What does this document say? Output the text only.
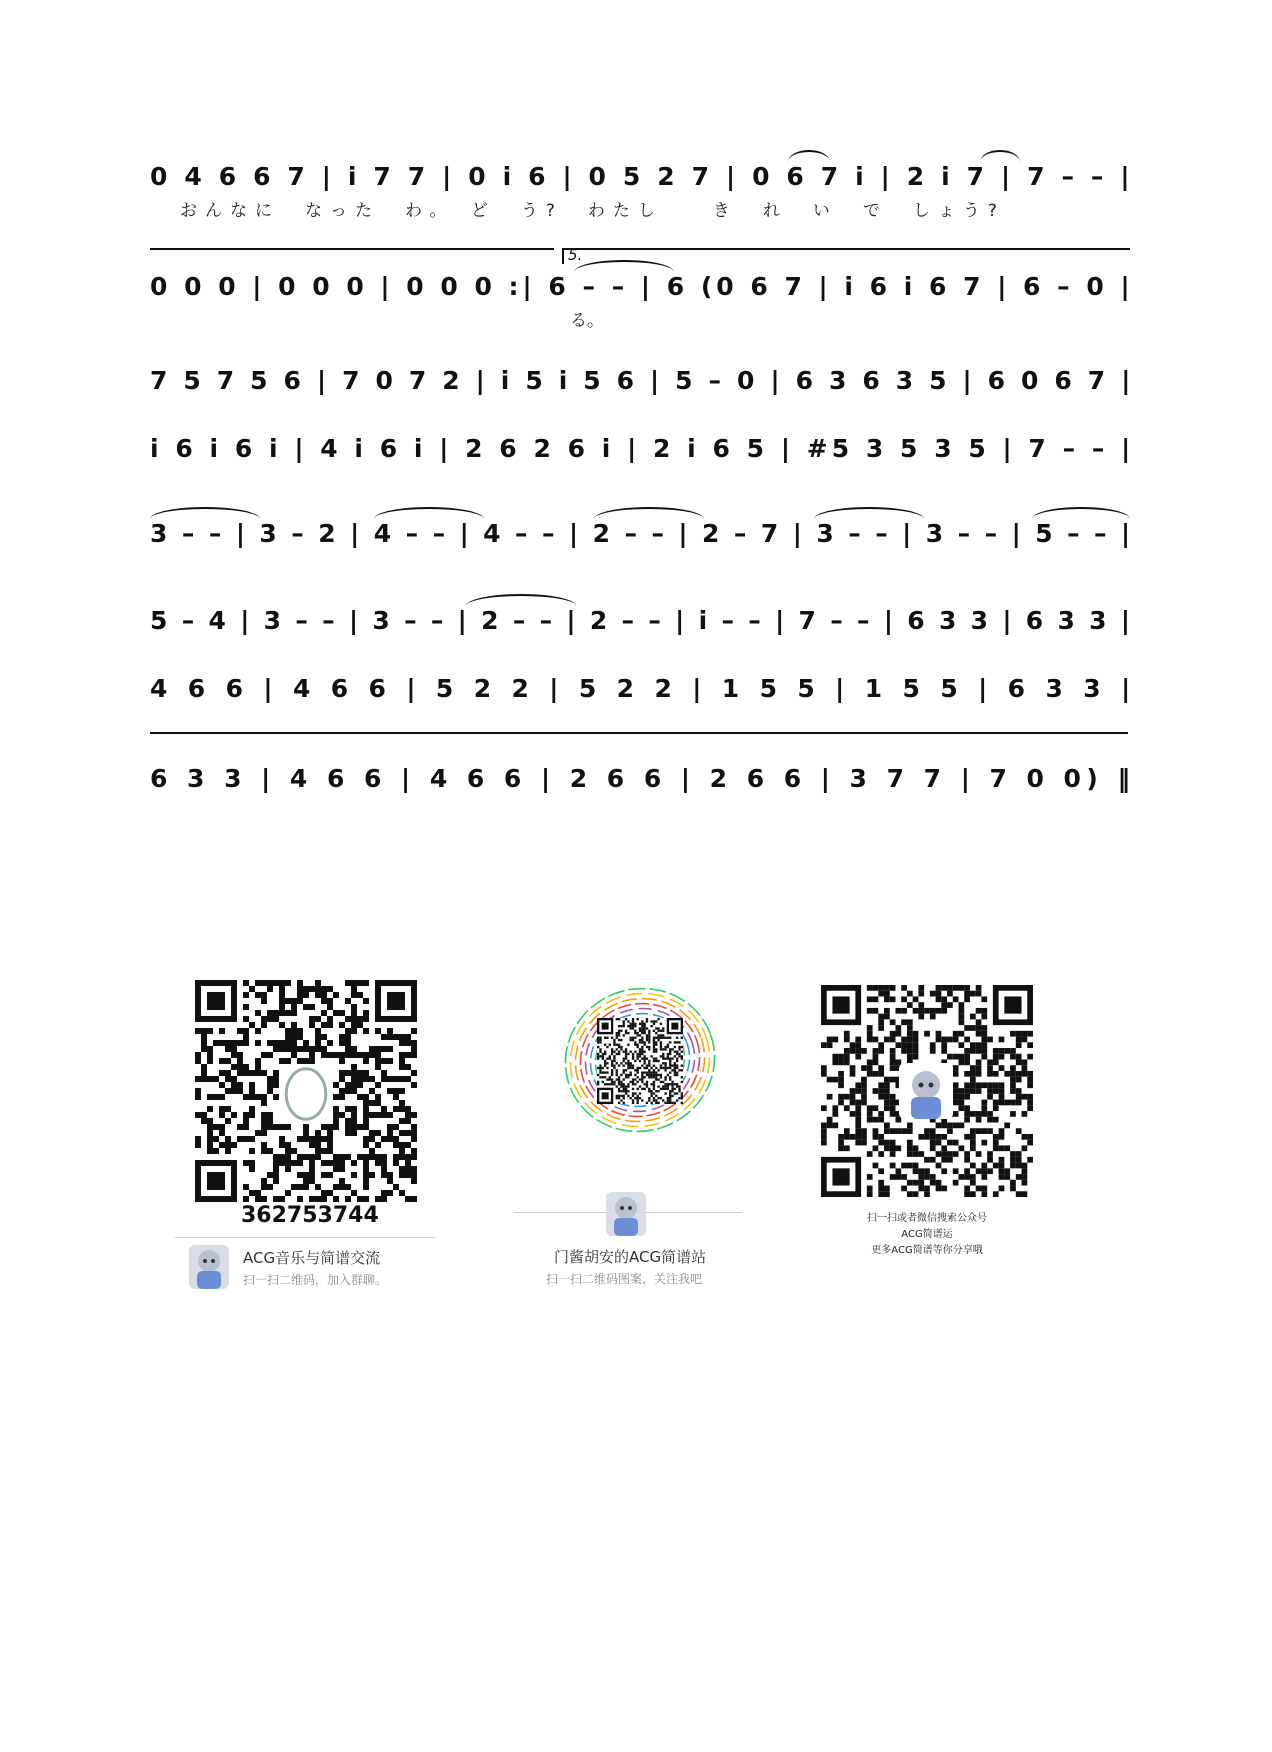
0 4 6 6 7 | i 7 7 | 0 i 6 | 0 5 2 7 | 0 6 7 i | 2 i 7 | 7 – – |
おんなに　なった　わ。　ど　う?　わたし　　き　れ　い　で　しょう?
0 0 0 | 0 0 0 | 0 0 0 :| 6 – – | 6 (0 6 7 | i 6 i 6 7 | 6 – 0 |
る。
5.
7 5 7 5 6 | 7 0 7 2 | i 5 i 5 6 | 5 – 0 | 6 3 6 3 5 | 6 0 6 7 |
i 6 i 6 i | 4 i 6 i | 2 6 2 6 i | 2 i 6 5 | #5 3 5 3 5 | 7 – – |
3 – – | 3 – 2 | 4 – – | 4 – – | 2 – – | 2 – 7 | 3 – – | 3 – – | 5 – – |
5 – 4 | 3 – – | 3 – – | 2 – – | 2 – – | i – – | 7 – – | 6 3 3 | 6 3 3 |
4 6 6 | 4 6 6 | 5 2 2 | 5 2 2 | 1 5 5 | 1 5 5 | 6 3 3 |
6 3 3 | 4 6 6 | 4 6 6 | 2 6 6 | 2 6 6 | 3 7 7 | 7 0 0) ‖
362753744
ACG音乐与简谱交流
扫一扫二维码，加入群聊。
门酱胡安的ACG简谱站
扫一扫二维码图案，关注我吧
扫一扫或者微信搜索公众号
ACG简谱运
更多ACG简谱等你分享哦
